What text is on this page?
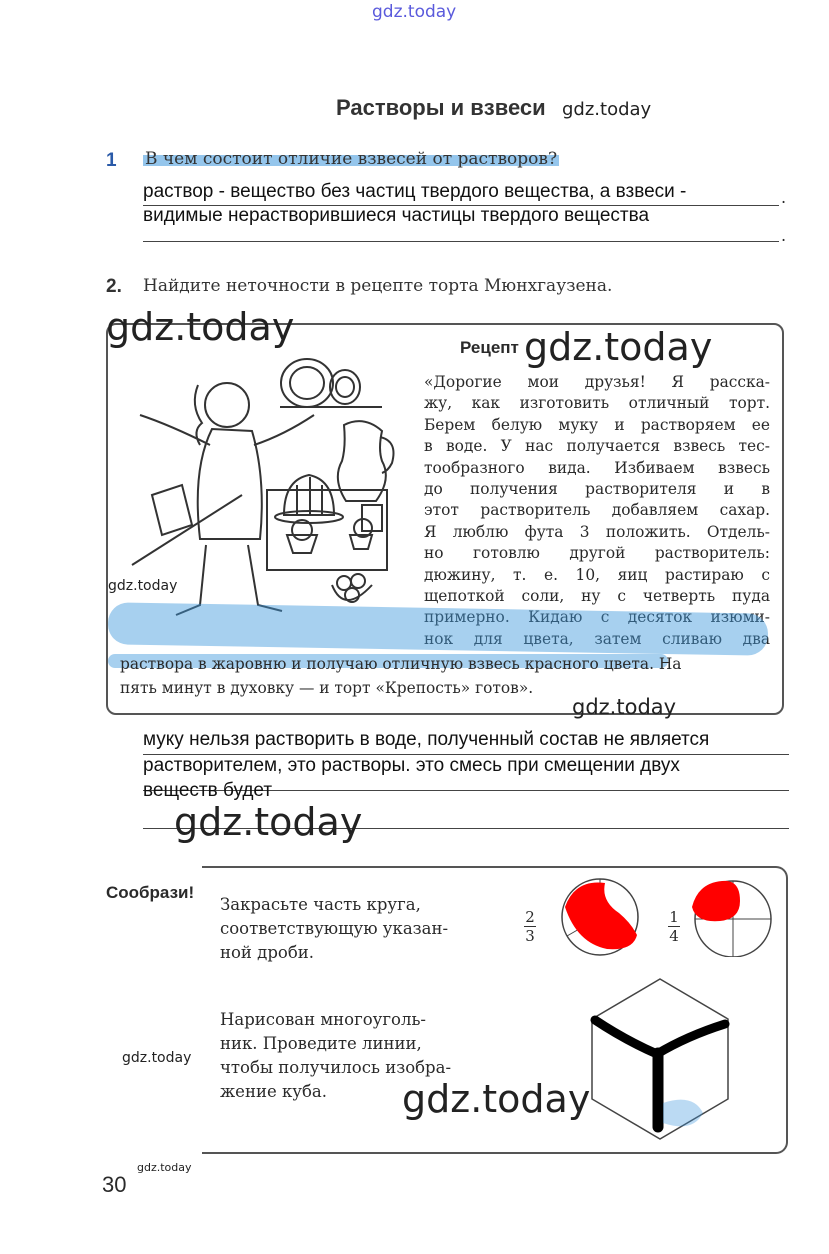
gdz.today
gdz.today
Растворы и взвеси
1 В чем состоит отличие взвесей от растворов?
раствор - вещество без частиц твердого вещества, а взвеси -	.
видимые нерастворившиеся частицы твердого вещества
.
2. Найдите неточности в рецепте торта Мюнхгаузена.
gdz.today
gdz.today
Рецепт gdz.today
«Дорогие мои друзья! Я расска-
жу, как изготовить отличный торт.
Берем белую муку и растворяем ее
в воде. У нас получается взвесь тес-
тообразного вида. Избиваем взвесь
до получения растворителя и в
этот растворитель добавляем сахар.
Я люблю фута 3 положить. Отдель-
но готовлю другой растворитель:
дюжину, т. е. 10, яиц растираю с
щепоткой соли, ну с четверть пуда
примерно. Кидаю с десяток изюми-
нок для цвета, затем сливаю два
раствора в жаровню и получаю отличную взвесь красного цвета. На
пять минут в духовку — и торт «Крепость» готов».
gdz.today
муку нельзя растворить в воде, полученный состав не является
растворителем, это растворы. это смесь при смещении двух
веществ будет
gdz.today
Сообрази!
Закрасьте часть круга,
соответствующую указан-
ной дроби.
2
3
1
4
Нарисован многоуголь-
ник. Проведите линии,
чтобы получилось изобра-
жение куба.
gdz.today
gdz.today
gdz.today
30
